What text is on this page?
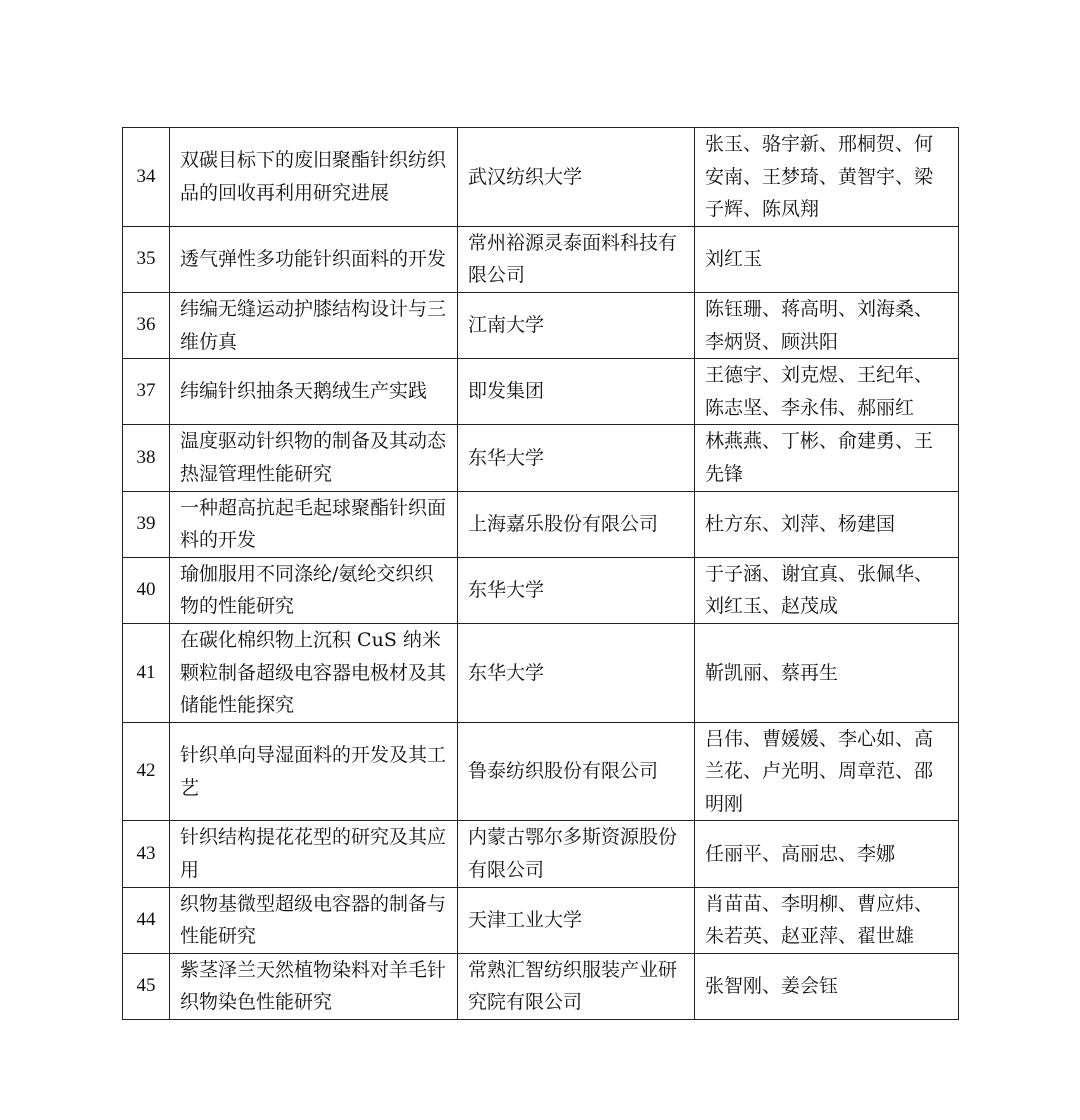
34	双碳目标下的废旧聚酯针织纺织品的回收再利用研究进展	武汉纺织大学	张玉、骆宇新、邢桐贺、何安南、王梦琦、黄智宇、梁子辉、陈凤翔
35	透气弹性多功能针织面料的开发	常州裕源灵泰面料科技有限公司	刘红玉
36	纬编无缝运动护膝结构设计与三维仿真	江南大学	陈钰珊、蒋高明、刘海桑、李炳贤、顾洪阳
37	纬编针织抽条天鹅绒生产实践	即发集团	王德宇、刘克煜、王纪年、陈志坚、李永伟、郝丽红
38	温度驱动针织物的制备及其动态热湿管理性能研究	东华大学	林燕燕、丁彬、俞建勇、王先锋
39	一种超高抗起毛起球聚酯针织面料的开发	上海嘉乐股份有限公司	杜方东、刘萍、杨建国
40	瑜伽服用不同涤纶/氨纶交织织物的性能研究	东华大学	于子涵、谢宜真、张佩华、刘红玉、赵茂成
41	在碳化棉织物上沉积 CuS 纳米颗粒制备超级电容器电极材及其储能性能探究	东华大学	靳凯丽、蔡再生
42	针织单向导湿面料的开发及其工艺	鲁泰纺织股份有限公司	吕伟、曹媛媛、李心如、高兰花、卢光明、周章范、邵明刚
43	针织结构提花花型的研究及其应用	内蒙古鄂尔多斯资源股份有限公司	任丽平、高丽忠、李娜
44	织物基微型超级电容器的制备与性能研究	天津工业大学	肖苗苗、李明柳、曹应炜、朱若英、赵亚萍、翟世雄
45	紫茎泽兰天然植物染料对羊毛针织物染色性能研究	常熟汇智纺织服装产业研究院有限公司	张智刚、姜会钰
